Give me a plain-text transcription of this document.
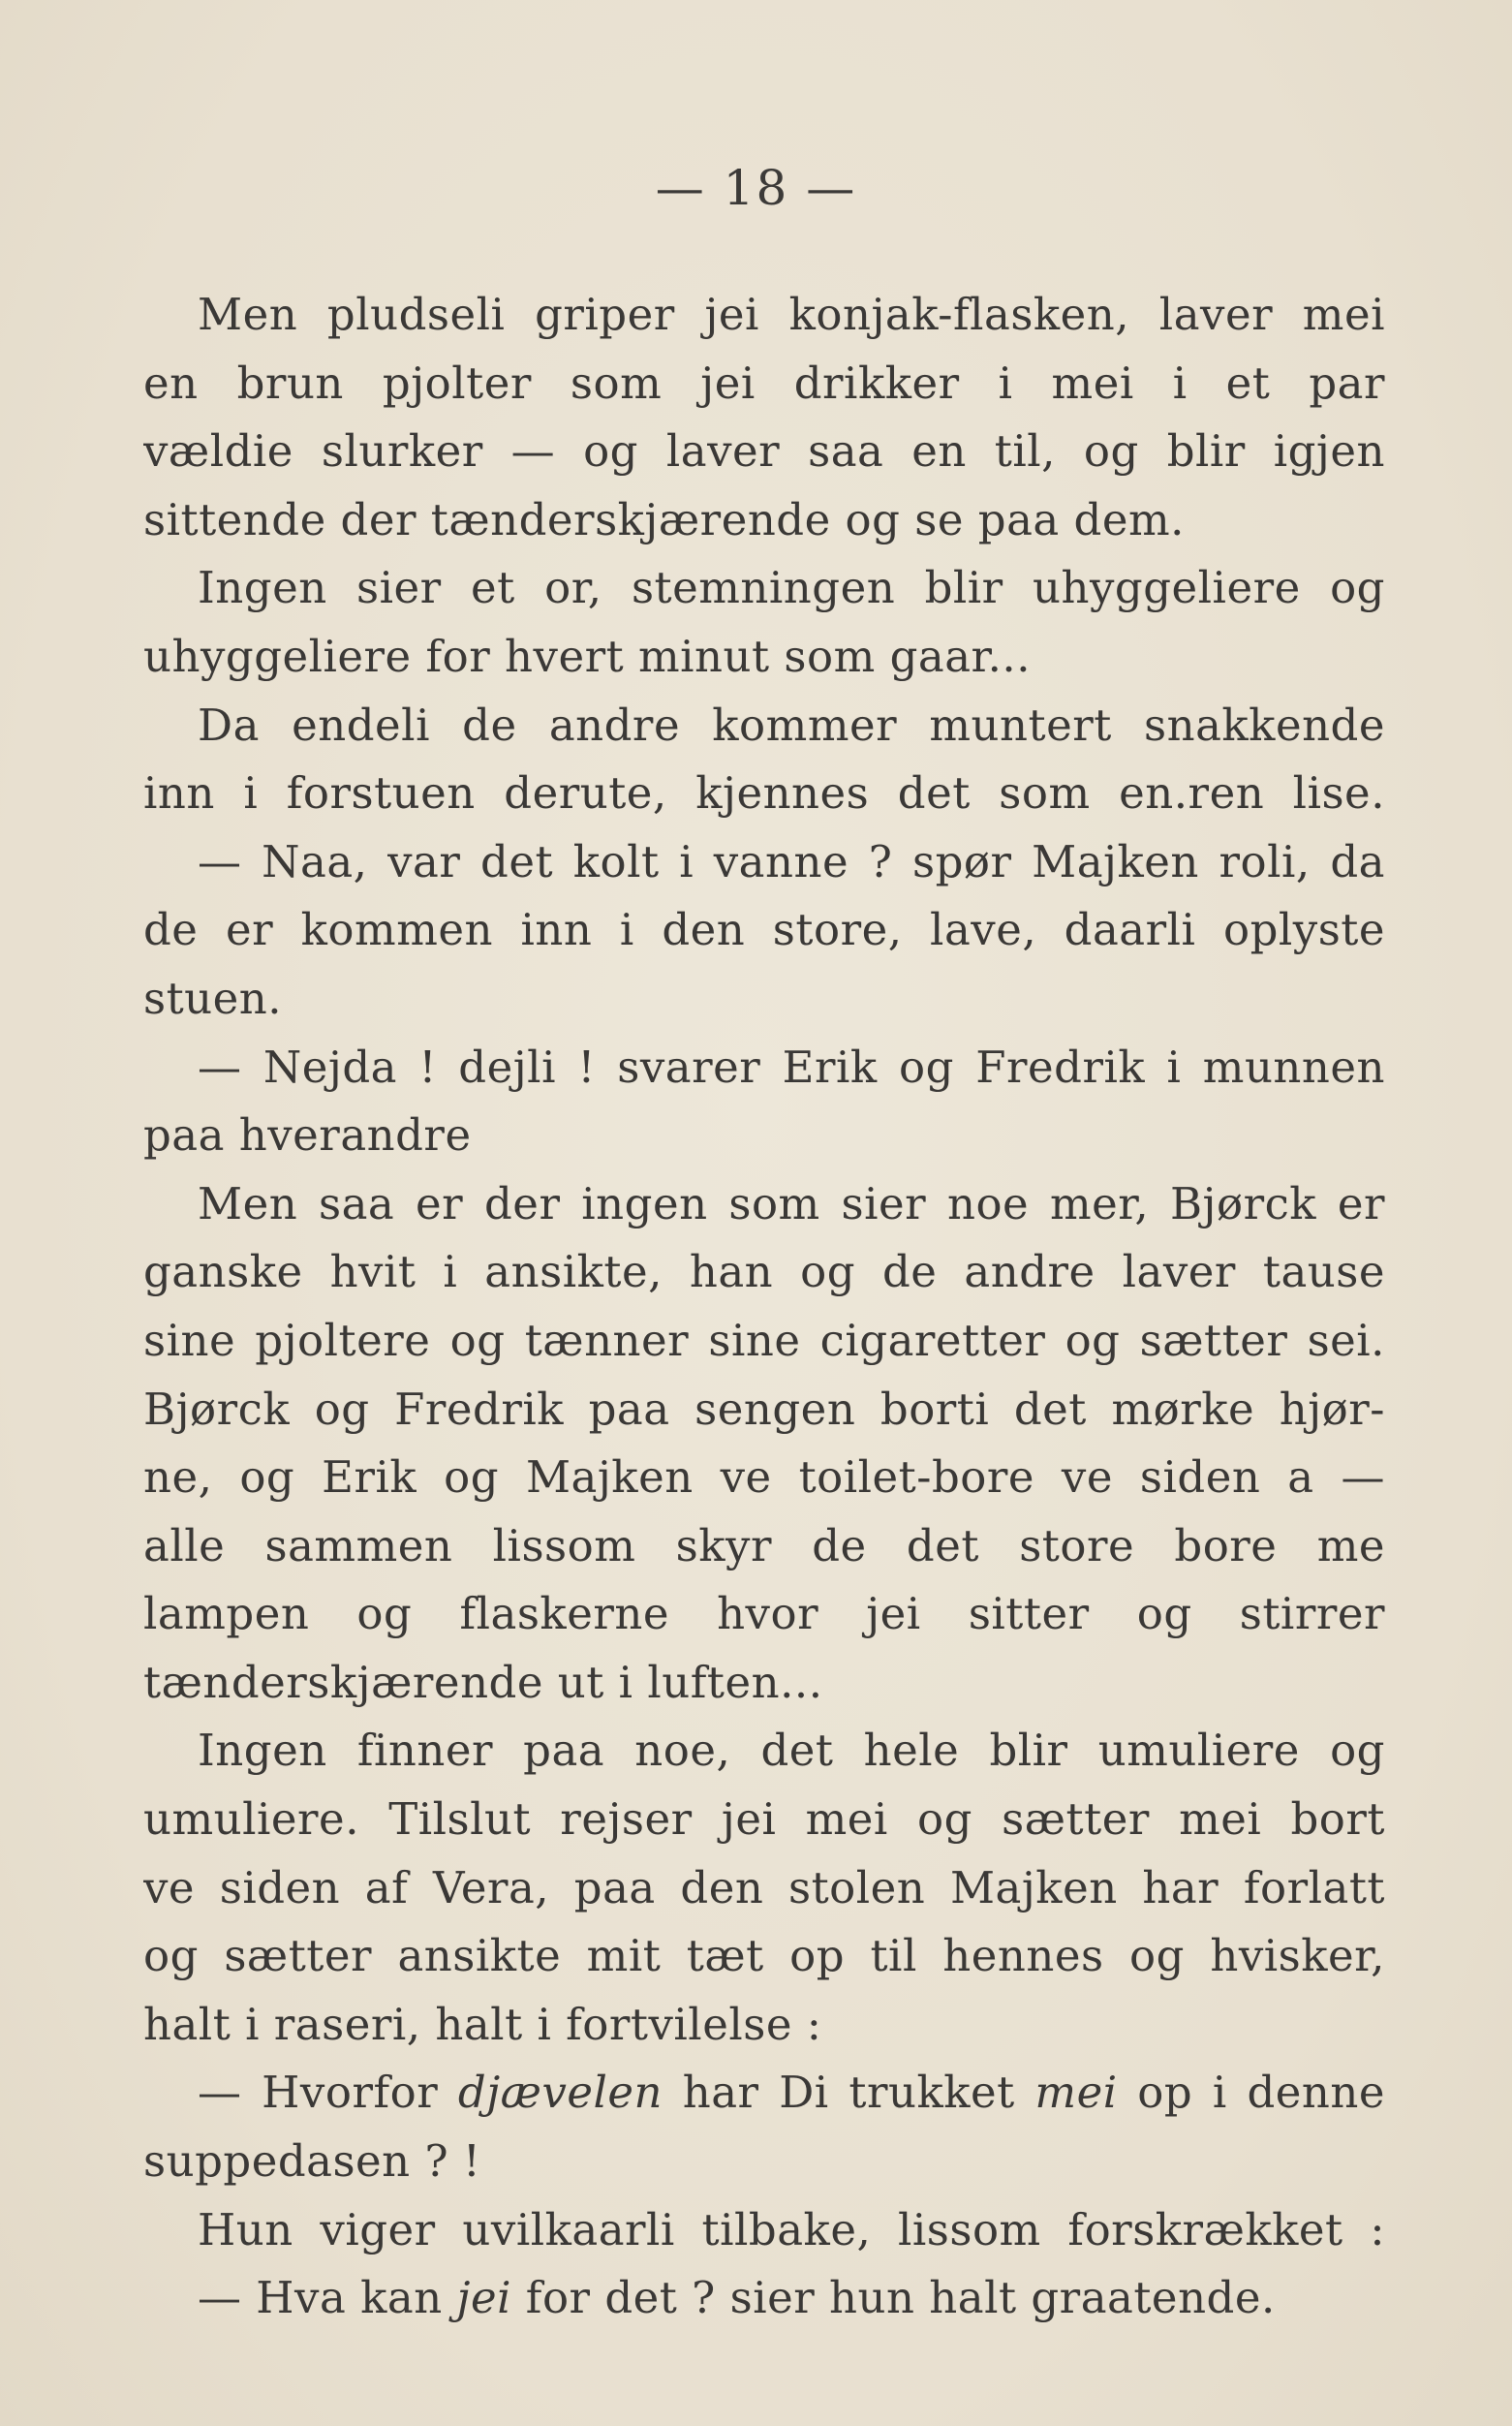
— 18 —
Men pludseli griper jei konjak-flasken, laver mei
en brun pjolter som jei drikker i mei i et par
vældie slurker — og laver saa en til, og blir igjen
sittende der tænderskjærende og se paa dem.
Ingen sier et or, stemningen blir uhyggeliere og
uhyggeliere for hvert minut som gaar...
Da endeli de andre kommer muntert snakkende
inn i forstuen derute, kjennes det som en.ren lise.
— Naa, var det kolt i vanne ? spør Majken roli, da
de er kommen inn i den store, lave, daarli oplyste
stuen.
— Nejda ! dejli ! svarer Erik og Fredrik i munnen
paa hverandre
Men saa er der ingen som sier noe mer, Bjørck er
ganske hvit i ansikte, han og de andre laver tause
sine pjoltere og tænner sine cigaretter og sætter sei.
Bjørck og Fredrik paa sengen borti det mørke hjør-
ne, og Erik og Majken ve toilet-bore ve siden a —
alle sammen lissom skyr de det store bore me
lampen og flaskerne hvor jei sitter og stirrer
tænderskjærende ut i luften...
Ingen finner paa noe, det hele blir umuliere og
umuliere. Tilslut rejser jei mei og sætter mei bort
ve siden af Vera, paa den stolen Majken har forlatt
og sætter ansikte mit tæt op til hennes og hvisker,
halt i raseri, halt i fortvilelse :
— Hvorfor djævelen har Di trukket mei op i denne
suppedasen ? !
Hun viger uvilkaarli tilbake, lissom forskrækket :
— Hva kan jei for det ? sier hun halt graatende.
